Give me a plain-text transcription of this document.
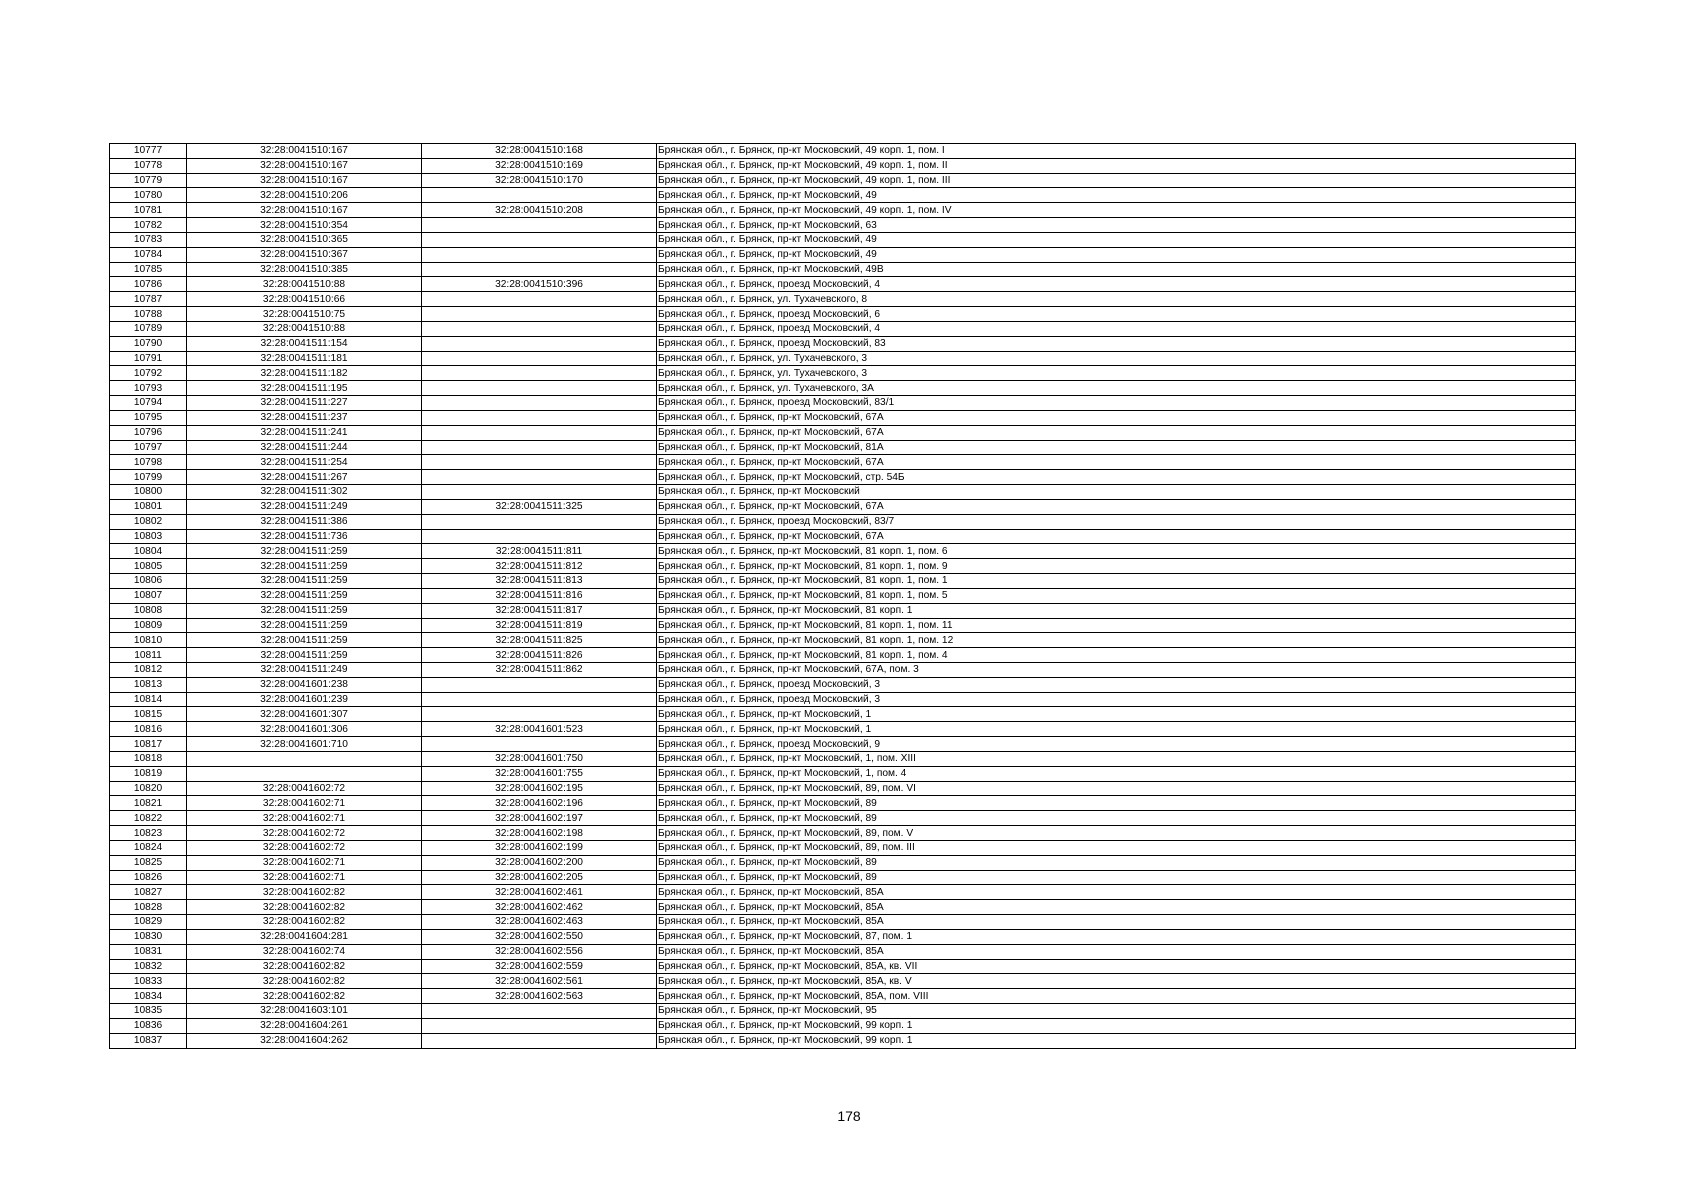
10777	32:28:0041510:167	32:28:0041510:168	Брянская обл., г. Брянск, пр-кт Московский, 49 корп. 1, пом. I
10778	32:28:0041510:167	32:28:0041510:169	Брянская обл., г. Брянск, пр-кт Московский, 49 корп. 1, пом. II
10779	32:28:0041510:167	32:28:0041510:170	Брянская обл., г. Брянск, пр-кт Московский, 49 корп. 1, пом. III
10780	32:28:0041510:206		Брянская обл., г. Брянск, пр-кт Московский, 49
10781	32:28:0041510:167	32:28:0041510:208	Брянская обл., г. Брянск, пр-кт Московский, 49 корп. 1, пом. IV
10782	32:28:0041510:354		Брянская обл., г. Брянск, пр-кт Московский, 63
10783	32:28:0041510:365		Брянская обл., г. Брянск, пр-кт Московский, 49
10784	32:28:0041510:367		Брянская обл., г. Брянск, пр-кт Московский, 49
10785	32:28:0041510:385		Брянская обл., г. Брянск, пр-кт Московский, 49В
10786	32:28:0041510:88	32:28:0041510:396	Брянская обл., г. Брянск, проезд Московский, 4
10787	32:28:0041510:66		Брянская обл., г. Брянск, ул. Тухачевского, 8
10788	32:28:0041510:75		Брянская обл., г. Брянск, проезд Московский, 6
10789	32:28:0041510:88		Брянская обл., г. Брянск, проезд Московский, 4
10790	32:28:0041511:154		Брянская обл., г. Брянск, проезд Московский, 83
10791	32:28:0041511:181		Брянская обл., г. Брянск, ул. Тухачевского, 3
10792	32:28:0041511:182		Брянская обл., г. Брянск, ул. Тухачевского, 3
10793	32:28:0041511:195		Брянская обл., г. Брянск, ул. Тухачевского, 3А
10794	32:28:0041511:227		Брянская обл., г. Брянск, проезд Московский, 83/1
10795	32:28:0041511:237		Брянская обл., г. Брянск, пр-кт Московский, 67А
10796	32:28:0041511:241		Брянская обл., г. Брянск, пр-кт Московский, 67А
10797	32:28:0041511:244		Брянская обл., г. Брянск, пр-кт Московский, 81А
10798	32:28:0041511:254		Брянская обл., г. Брянск, пр-кт Московский, 67А
10799	32:28:0041511:267		Брянская обл., г. Брянск, пр-кт Московский, стр. 54Б
10800	32:28:0041511:302		Брянская обл., г. Брянск, пр-кт Московский
10801	32:28:0041511:249	32:28:0041511:325	Брянская обл., г. Брянск, пр-кт Московский, 67А
10802	32:28:0041511:386		Брянская обл., г. Брянск, проезд Московский, 83/7
10803	32:28:0041511:736		Брянская обл., г. Брянск, пр-кт Московский, 67А
10804	32:28:0041511:259	32:28:0041511:811	Брянская обл., г. Брянск, пр-кт Московский, 81 корп. 1, пом. 6
10805	32:28:0041511:259	32:28:0041511:812	Брянская обл., г. Брянск, пр-кт Московский, 81 корп. 1, пом. 9
10806	32:28:0041511:259	32:28:0041511:813	Брянская обл., г. Брянск, пр-кт Московский, 81 корп. 1, пом. 1
10807	32:28:0041511:259	32:28:0041511:816	Брянская обл., г. Брянск, пр-кт Московский, 81 корп. 1, пом. 5
10808	32:28:0041511:259	32:28:0041511:817	Брянская обл., г. Брянск, пр-кт Московский, 81 корп. 1
10809	32:28:0041511:259	32:28:0041511:819	Брянская обл., г. Брянск, пр-кт Московский, 81 корп. 1, пом. 11
10810	32:28:0041511:259	32:28:0041511:825	Брянская обл., г. Брянск, пр-кт Московский, 81 корп. 1, пом. 12
10811	32:28:0041511:259	32:28:0041511:826	Брянская обл., г. Брянск, пр-кт Московский, 81 корп. 1, пом. 4
10812	32:28:0041511:249	32:28:0041511:862	Брянская обл., г. Брянск, пр-кт Московский, 67А, пом. 3
10813	32:28:0041601:238		Брянская обл., г. Брянск, проезд Московский, 3
10814	32:28:0041601:239		Брянская обл., г. Брянск, проезд Московский, 3
10815	32:28:0041601:307		Брянская обл., г. Брянск, пр-кт Московский, 1
10816	32:28:0041601:306	32:28:0041601:523	Брянская обл., г. Брянск, пр-кт Московский, 1
10817	32:28:0041601:710		Брянская обл., г. Брянск, проезд Московский, 9
10818		32:28:0041601:750	Брянская обл., г. Брянск, пр-кт Московский, 1, пом. XIII
10819		32:28:0041601:755	Брянская обл., г. Брянск, пр-кт Московский, 1, пом. 4
10820	32:28:0041602:72	32:28:0041602:195	Брянская обл., г. Брянск, пр-кт Московский, 89, пом. VI
10821	32:28:0041602:71	32:28:0041602:196	Брянская обл., г. Брянск, пр-кт Московский, 89
10822	32:28:0041602:71	32:28:0041602:197	Брянская обл., г. Брянск, пр-кт Московский, 89
10823	32:28:0041602:72	32:28:0041602:198	Брянская обл., г. Брянск, пр-кт Московский, 89, пом. V
10824	32:28:0041602:72	32:28:0041602:199	Брянская обл., г. Брянск, пр-кт Московский, 89, пом. III
10825	32:28:0041602:71	32:28:0041602:200	Брянская обл., г. Брянск, пр-кт Московский, 89
10826	32:28:0041602:71	32:28:0041602:205	Брянская обл., г. Брянск, пр-кт Московский, 89
10827	32:28:0041602:82	32:28:0041602:461	Брянская обл., г. Брянск, пр-кт Московский, 85А
10828	32:28:0041602:82	32:28:0041602:462	Брянская обл., г. Брянск, пр-кт Московский, 85А
10829	32:28:0041602:82	32:28:0041602:463	Брянская обл., г. Брянск, пр-кт Московский, 85А
10830	32:28:0041604:281	32:28:0041602:550	Брянская обл., г. Брянск, пр-кт Московский, 87, пом. 1
10831	32:28:0041602:74	32:28:0041602:556	Брянская обл., г. Брянск, пр-кт Московский, 85А
10832	32:28:0041602:82	32:28:0041602:559	Брянская обл., г. Брянск, пр-кт Московский, 85А, кв. VII
10833	32:28:0041602:82	32:28:0041602:561	Брянская обл., г. Брянск, пр-кт Московский, 85А, кв. V
10834	32:28:0041602:82	32:28:0041602:563	Брянская обл., г. Брянск, пр-кт Московский, 85А, пом. VIII
10835	32:28:0041603:101		Брянская обл., г. Брянск, пр-кт Московский, 95
10836	32:28:0041604:261		Брянская обл., г. Брянск, пр-кт Московский, 99 корп. 1
10837	32:28:0041604:262		Брянская обл., г. Брянск, пр-кт Московский, 99 корп. 1
178
